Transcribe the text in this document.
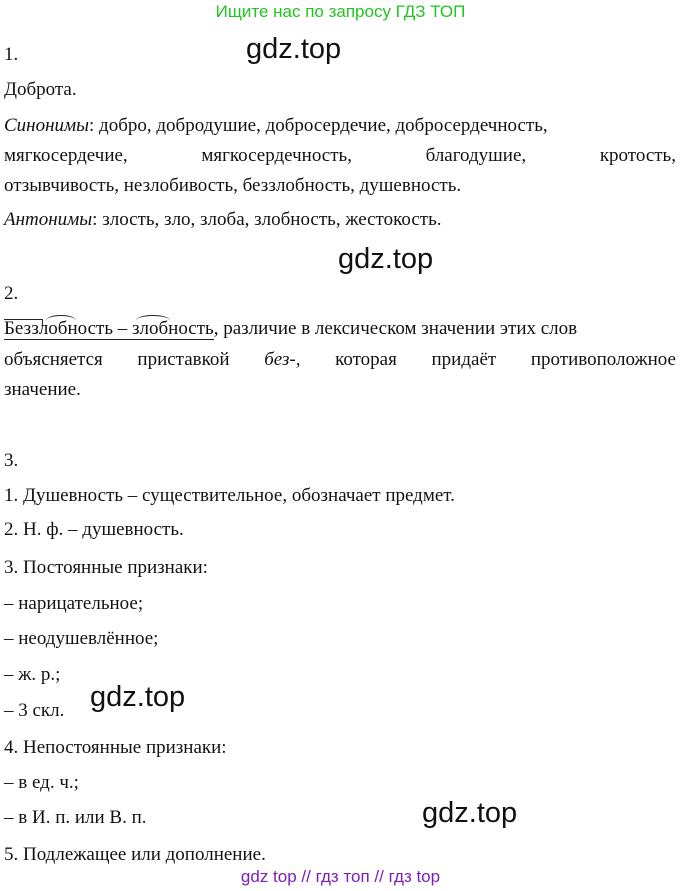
Ищите нас по запросу ГДЗ ТОП
1.	gdz.top
Доброта.
Синонимы: добро, добродушие, добросердечие, добросердечность,
мягкосердечие,	мягкосердечность,	благодушие,	кротость,
отзывчивость, незлобивость, беззлобность, душевность.
Антонимы: злость, зло, злоба, злобность, жестокость.
gdz.top
2.
Беззлобность –
злобность, различие в лексическом значении этих слов
объясняется приставкой без-, которая придаёт противоположное
значение.
3.
1. Душевность – существительное, обозначает предмет.
2. Н. ф. – душевность.
3. Постоянные признаки:
– нарицательное;
– неодушевлённое;
– ж. р.;
gdz.top
– 3 скл.
4. Непостоянные признаки:
– в ед. ч.;
– в И. п. или В. п.	gdz.top
5. Подлежащее или дополнение.
gdz top // гдз топ // гдз top
